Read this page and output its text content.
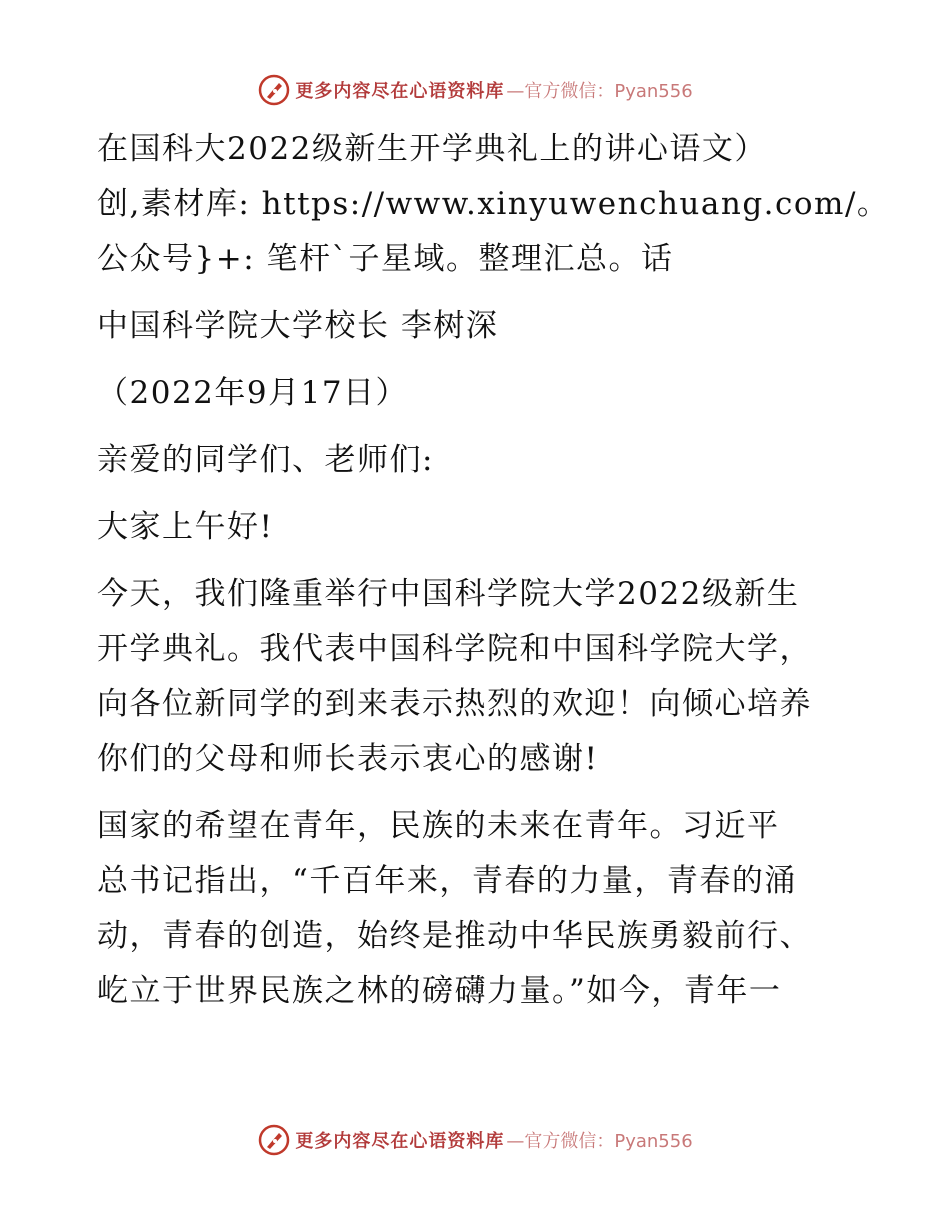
更多内容尽在心语资料库 —官方微信：Pyan556
在国科大2022级新生开学典礼上的讲心语文）
创,素材库: https://www.xinyuwenchuang.com/。
公众号}+: 笔杆`子星域。整理汇总。话
中国科学院大学校长 李树深
（2022年9月17日）
亲爱的同学们、老师们:
大家上午好!
今天，我们隆重举行中国科学院大学2022级新生
开学典礼。我代表中国科学院和中国科学院大学，
向各位新同学的到来表示热烈的欢迎！向倾心培养
你们的父母和师长表示衷心的感谢!
国家的希望在青年，民族的未来在青年。习近平
总书记指出，“千百年来，青春的力量，青春的涌
动，青春的创造，始终是推动中华民族勇毅前行、
屹立于世界民族之林的磅礴力量。”如今，青年一
更多内容尽在心语资料库 —官方微信：Pyan556
